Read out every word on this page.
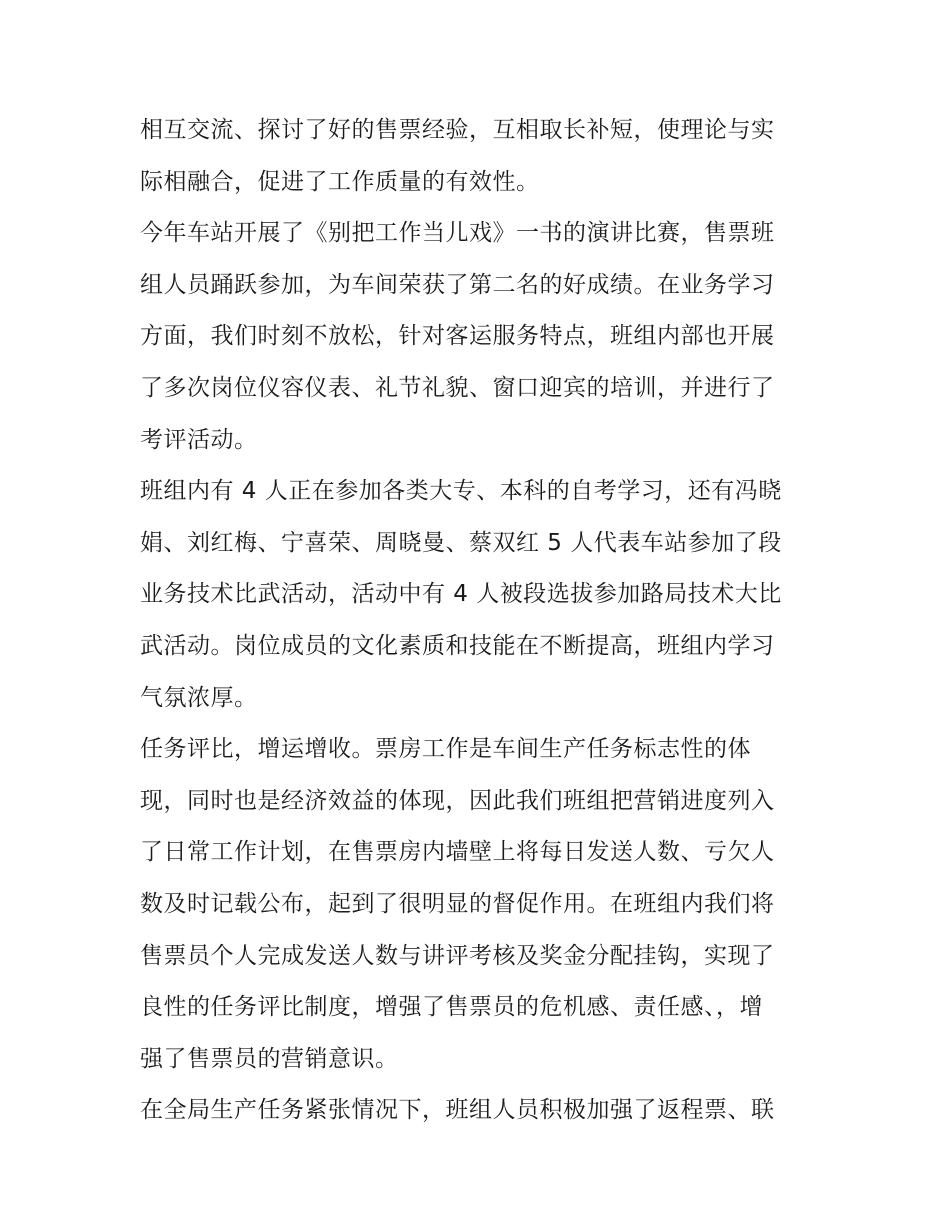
相互交流、探讨了好的售票经验，互相取长补短，使理论与实
际相融合，促进了工作质量的有效性。
今年车站开展了《别把工作当儿戏》一书的演讲比赛，售票班
组人员踊跃参加，为车间荣获了第二名的好成绩。在业务学习
方面，我们时刻不放松，针对客运服务特点，班组内部也开展
了多次岗位仪容仪表、礼节礼貌、窗口迎宾的培训，并进行了
考评活动。
班组内有 4 人正在参加各类大专、本科的自考学习，还有冯晓
娟、刘红梅、宁喜荣、周晓曼、蔡双红 5 人代表车站参加了段
业务技术比武活动，活动中有 4 人被段选拔参加路局技术大比
武活动。岗位成员的文化素质和技能在不断提高，班组内学习
气氛浓厚。
任务评比，增运增收。票房工作是车间生产任务标志性的体
现，同时也是经济效益的体现，因此我们班组把营销进度列入
了日常工作计划，在售票房内墙壁上将每日发送人数、亏欠人
数及时记载公布，起到了很明显的督促作用。在班组内我们将
售票员个人完成发送人数与讲评考核及奖金分配挂钩，实现了
良性的任务评比制度，增强了售票员的危机感、责任感、，增
强了售票员的营销意识。
在全局生产任务紧张情况下，班组人员积极加强了返程票、联
